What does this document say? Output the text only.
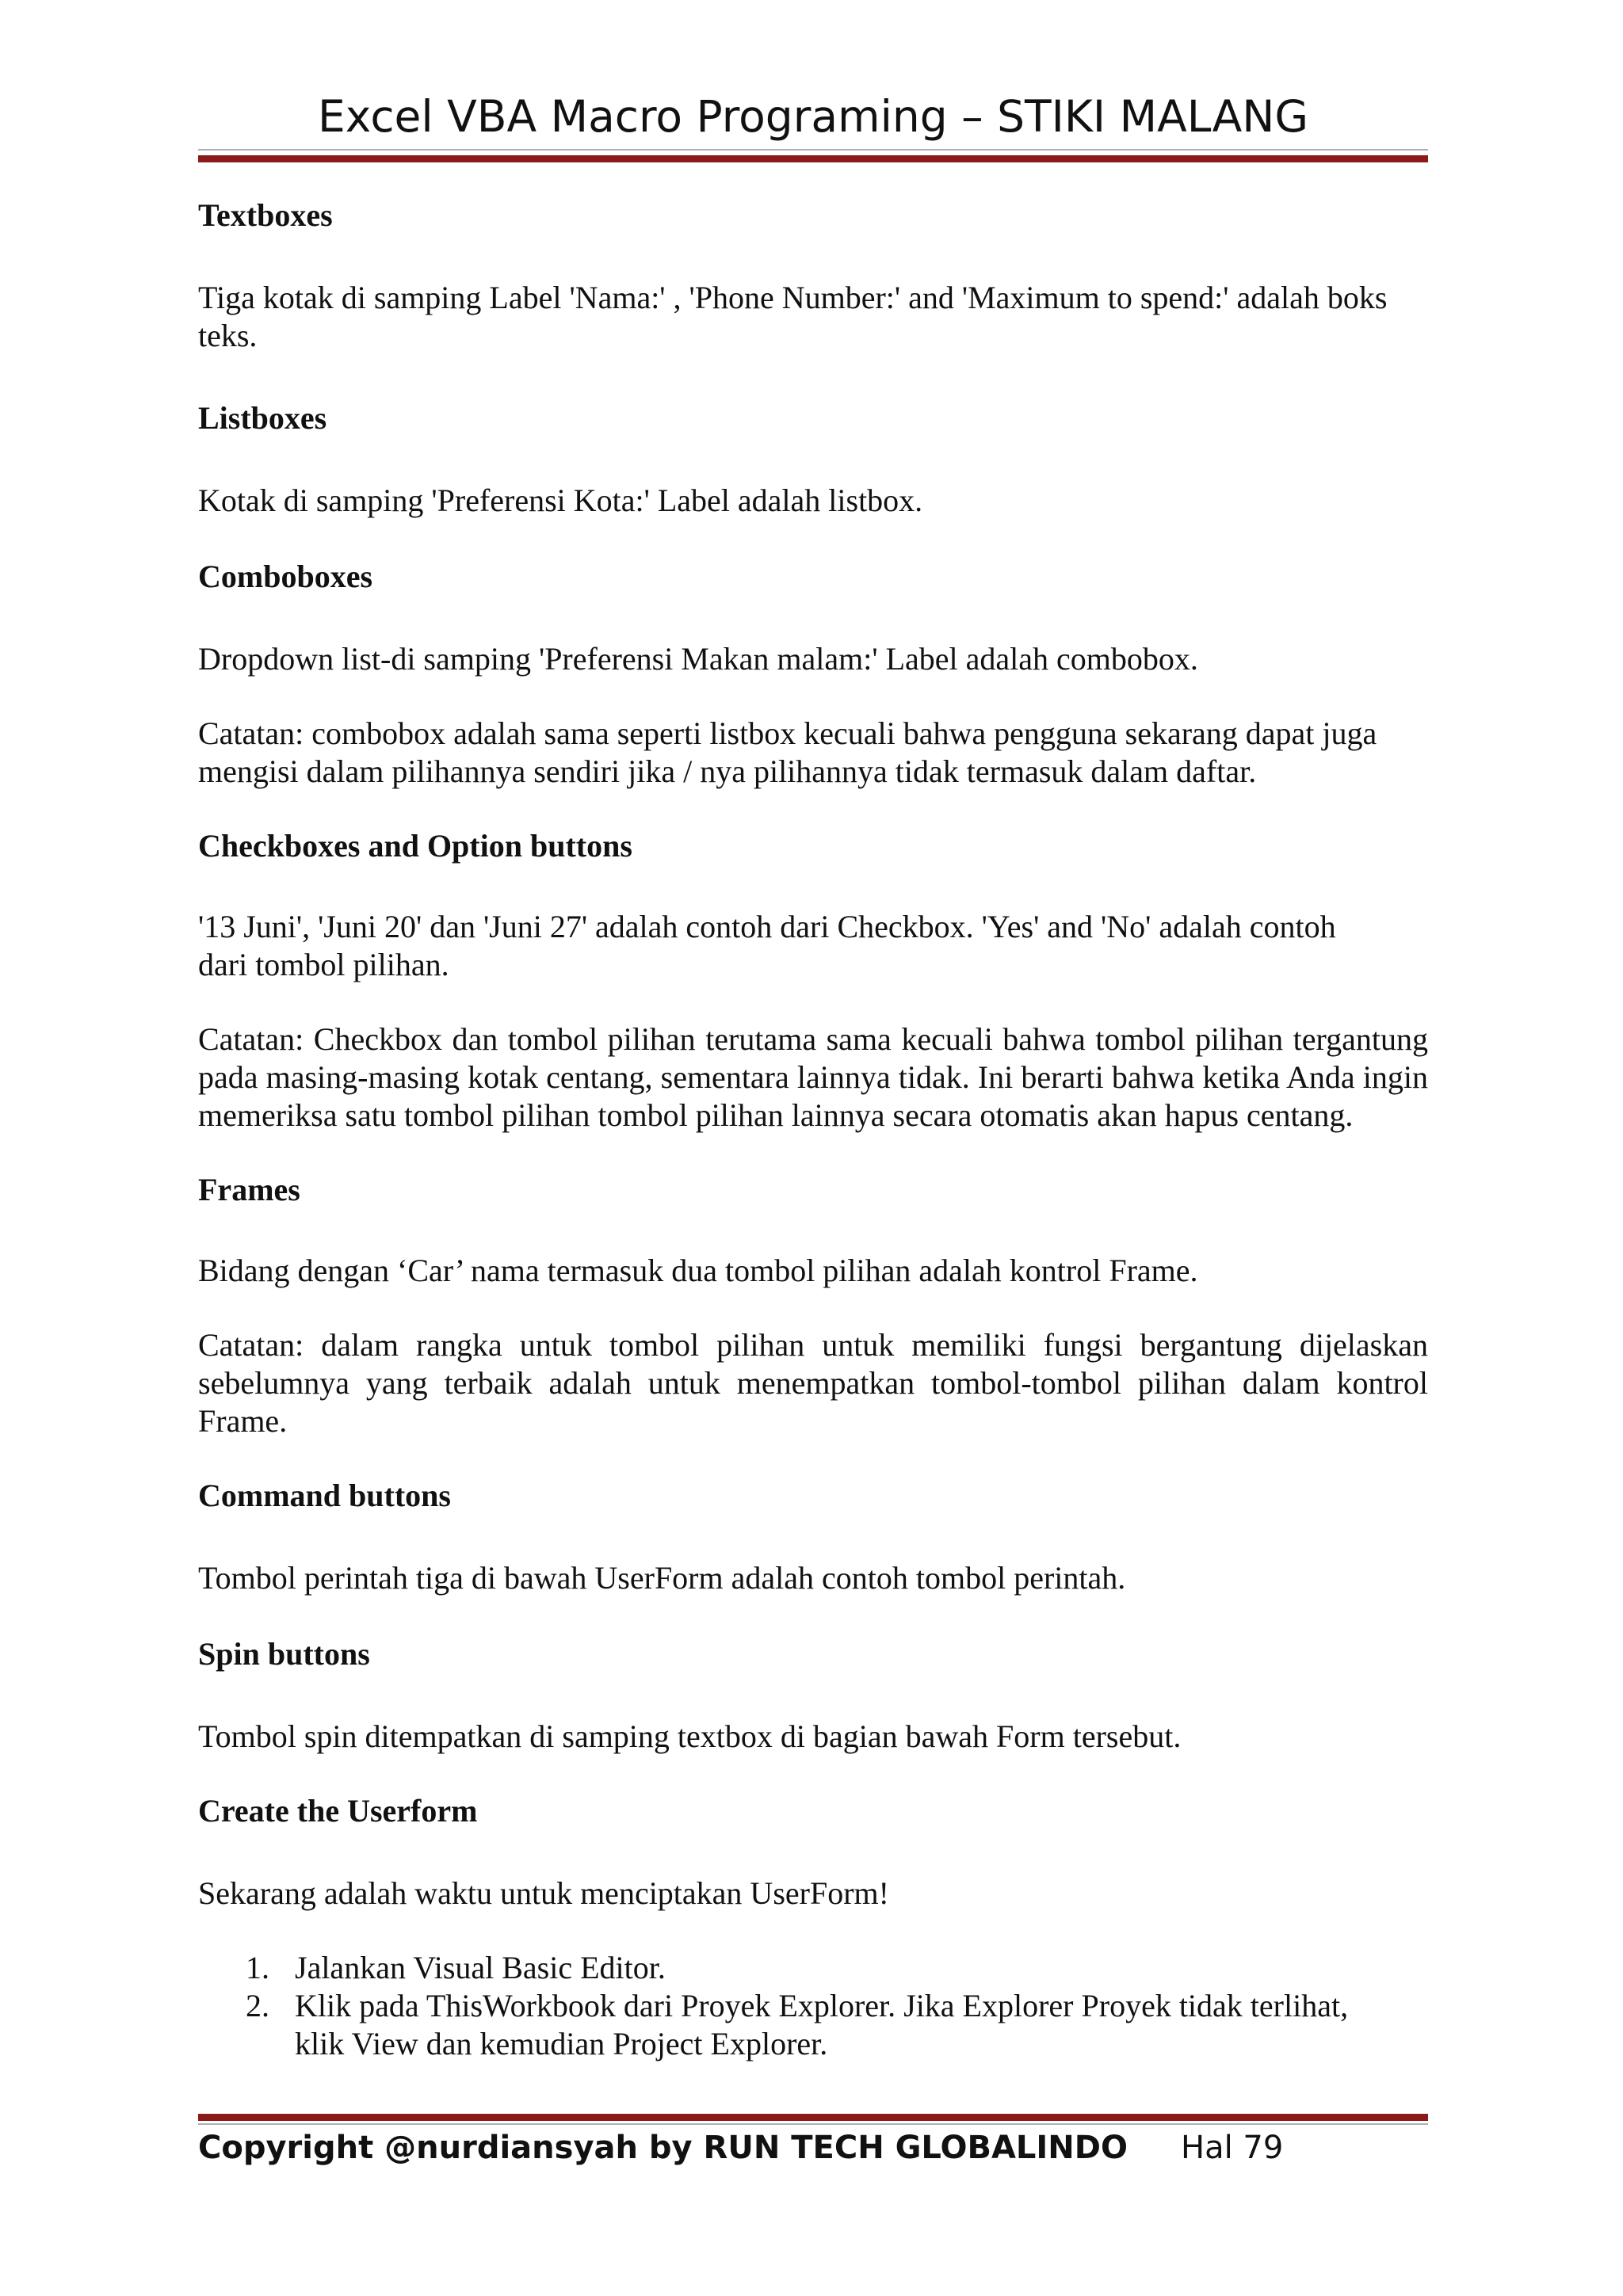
Excel VBA Macro Programing – STIKI MALANG

Textboxes

Tiga kotak di samping Label 'Nama:' , 'Phone Number:' and 'Maximum to spend:' adalah boks teks.

Listboxes

Kotak di samping 'Preferensi Kota:' Label adalah listbox.

Comboboxes

Dropdown list-di samping 'Preferensi Makan malam:' Label adalah combobox.

Catatan: combobox adalah sama seperti listbox kecuali bahwa pengguna sekarang dapat juga mengisi dalam pilihannya sendiri jika / nya pilihannya tidak termasuk dalam daftar.

Checkboxes and Option buttons

'13 Juni', 'Juni 20' dan 'Juni 27' adalah contoh dari Checkbox. 'Yes' and 'No' adalah contoh dari tombol pilihan.

Catatan: Checkbox dan tombol pilihan terutama sama kecuali bahwa tombol pilihan tergantung pada masing-masing kotak centang, sementara lainnya tidak. Ini berarti bahwa ketika Anda ingin memeriksa satu tombol pilihan tombol pilihan lainnya secara otomatis akan hapus centang.

Frames

Bidang dengan ‘Car’ nama termasuk dua tombol pilihan adalah kontrol Frame.

Catatan: dalam rangka untuk tombol pilihan untuk memiliki fungsi bergantung dijelaskan sebelumnya yang terbaik adalah untuk menempatkan tombol-tombol pilihan dalam kontrol Frame.

Command buttons

Tombol perintah tiga di bawah UserForm adalah contoh tombol perintah.

Spin buttons

Tombol spin ditempatkan di samping textbox di bagian bawah Form tersebut.

Create the Userform

Sekarang adalah waktu untuk menciptakan UserForm!

1. Jalankan Visual Basic Editor.
2. Klik pada ThisWorkbook dari Proyek Explorer. Jika Explorer Proyek tidak terlihat, klik View dan kemudian Project Explorer.
Copyright @nurdiansyah by RUN TECH GLOBALINDO Hal 79
